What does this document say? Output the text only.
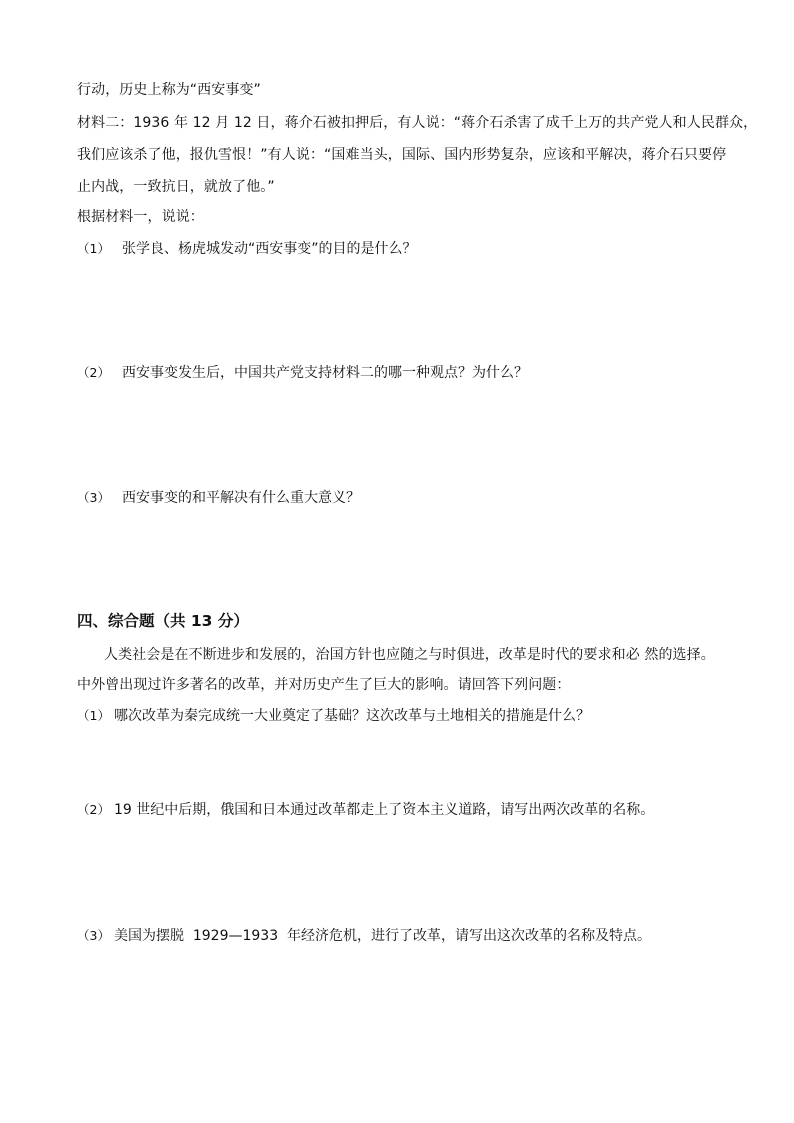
行动，历史上称为“西安事变”
材料二：1936 年 12 月 12 日，蒋介石被扣押后，有人说：“蒋介石杀害了成千上万的共产党人和人民群众，
我们应该杀了他，报仇雪恨！”有人说：“国难当头，国际、国内形势复杂，应该和平解决，蒋介石只要停
止内战，一致抗日，就放了他。”
根据材料一，说说：
（1） 张学良、杨虎城发动“西安事变”的目的是什么？
（2） 西安事变发生后，中国共产党支持材料二的哪一种观点？为什么？
（3） 西安事变的和平解决有什么重大意义？
四、综合题（共 13 分）
人类社会是在不断进步和发展的，治国方针也应随之与时俱进，改革是时代的要求和必 然的选择。
中外曾出现过许多著名的改革，并对历史产生了巨大的影响。请回答下列问题：
（1） 哪次改革为秦完成统一大业奠定了基础？这次改革与土地相关的措施是什么？
（2） 19 世纪中后期，俄国和日本通过改革都走上了资本主义道路，请写出两次改革的名称。
（3） 美国为摆脱  1929—1933  年经济危机，进行了改革，请写出这次改革的名称及特点。
